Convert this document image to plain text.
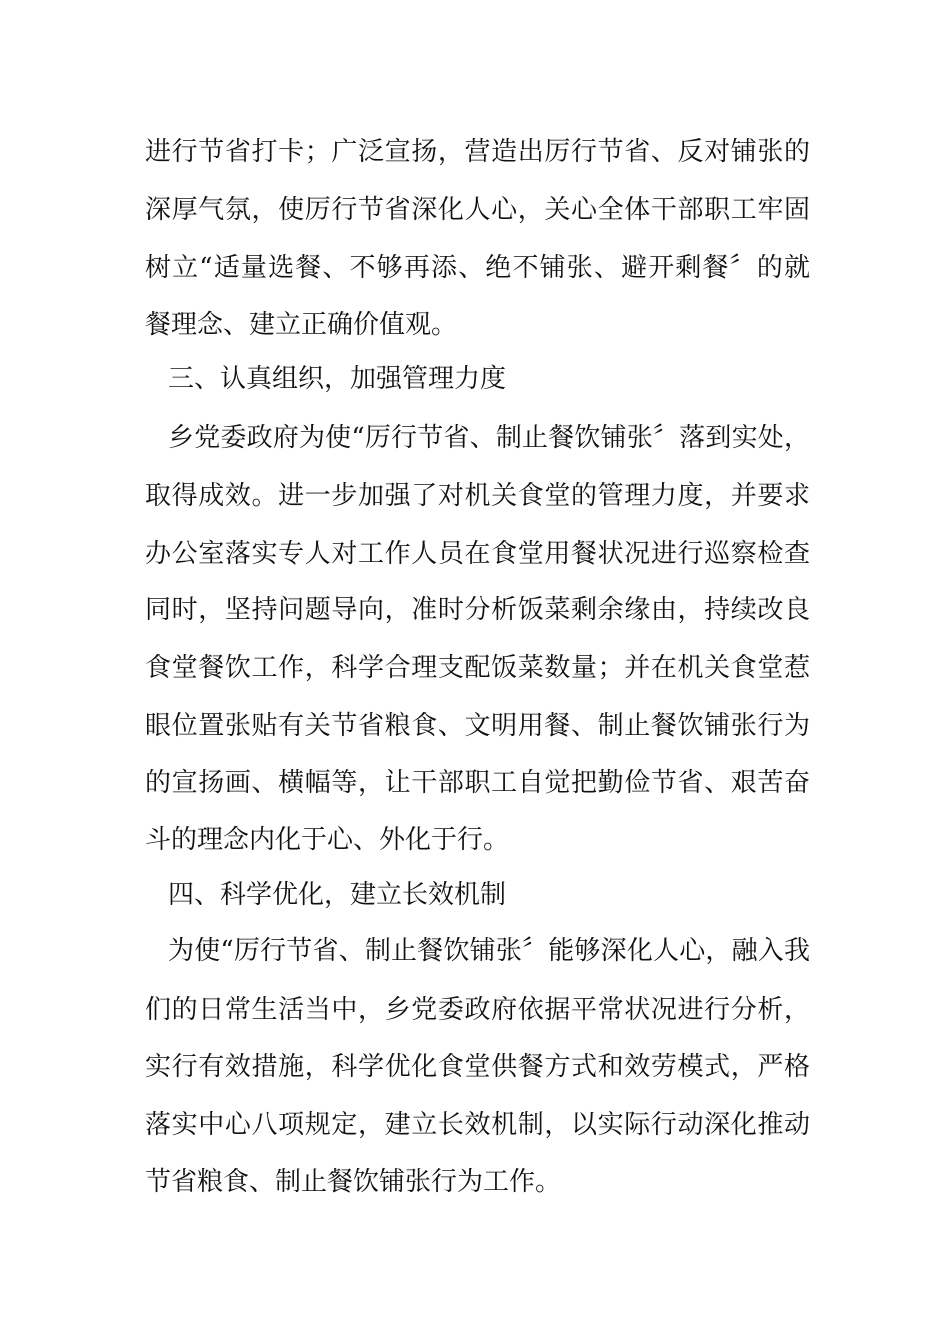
进行节省打卡；广泛宣扬，营造出厉行节省、反对铺张的

深厚气氛，使厉行节省深化人心，关心全体干部职工牢固

树立“适量选餐、不够再添、绝不铺张、避开剩餐〞的就

餐理念、建立正确价值观。

三、认真组织，加强管理力度

乡党委政府为使“厉行节省、制止餐饮铺张〞落到实处，

取得成效。进一步加强了对机关食堂的管理力度，并要求

办公室落实专人对工作人员在食堂用餐状况进行巡察检查

同时，坚持问题导向，准时分析饭菜剩余缘由，持续改良

食堂餐饮工作，科学合理支配饭菜数量；并在机关食堂惹

眼位置张贴有关节省粮食、文明用餐、制止餐饮铺张行为

的宣扬画、横幅等，让干部职工自觉把勤俭节省、艰苦奋

斗的理念内化于心、外化于行。

四、科学优化，建立长效机制

为使“厉行节省、制止餐饮铺张〞能够深化人心，融入我

们的日常生活当中，乡党委政府依据平常状况进行分析，

实行有效措施，科学优化食堂供餐方式和效劳模式，严格

落实中心八项规定，建立长效机制，以实际行动深化推动

节省粮食、制止餐饮铺张行为工作。
